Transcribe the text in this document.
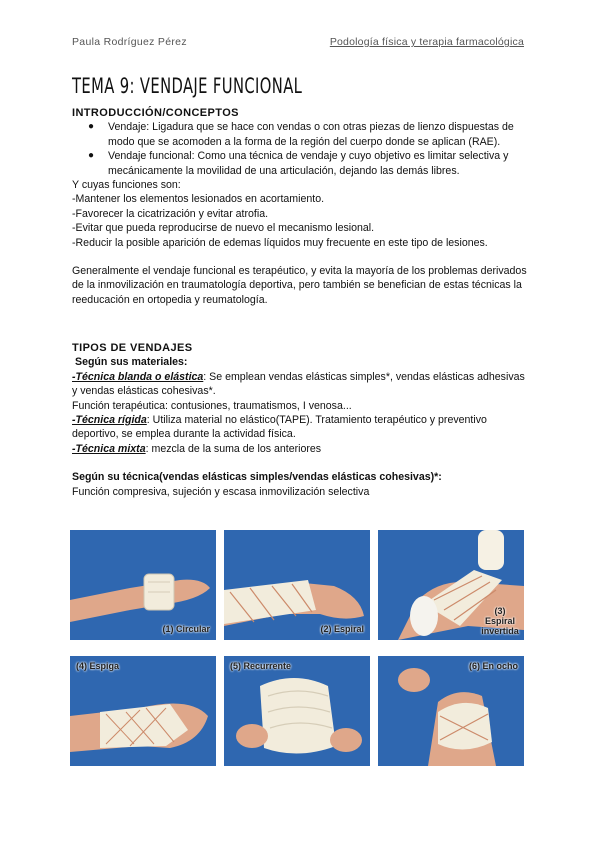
Paula Rodríguez Pérez	Podología física y terapia farmacológica
TEMA 9: VENDAJE FUNCIONAL
INTRODUCCIÓN/CONCEPTOS
● Vendaje: Ligadura que se hace con vendas o con otras piezas de lienzo dispuestas de modo que se acomoden a la forma de la región del cuerpo donde se aplican (RAE).
● Vendaje funcional: Como una técnica de vendaje y cuyo objetivo es limitar selectiva y mecánicamente la movilidad de una articulación, dejando las demás libres.
Y cuyas funciones son:
-Mantener los elementos lesionados en acortamiento.
-Favorecer la cicatrización y evitar atrofia.
-Evitar que pueda reproducirse de nuevo el mecanismo lesional.
-Reducir la posible aparición de edemas líquidos muy frecuente en este tipo de lesiones.
Generalmente el vendaje funcional es terapéutico, y evita la mayoría de los problemas derivados de la inmovilización en traumatología deportiva, pero también se benefician de estas técnicas la reeducación en ortopedia y reumatología.
TIPOS DE VENDAJES
Según sus materiales:
-Técnica blanda o elástica: Se emplean vendas elásticas simples*, vendas elásticas adhesivas y vendas elásticas cohesivas*.
Función terapéutica: contusiones, traumatismos, I venosa...
-Técnica rígida: Utiliza material no elástico(TAPE). Tratamiento terapéutico y preventivo deportivo, se emplea durante la actividad física.
-Técnica mixta: mezcla de la suma de los anteriores
Según su técnica(vendas elásticas simples/vendas elásticas cohesivas)*:
Función compresiva, sujeción y escasa inmovilización selectiva
(1) Circular	(2) Espiral
(3) Espiral invertida
(4) Espiga	(5) Recurrente	(6) En ocho
